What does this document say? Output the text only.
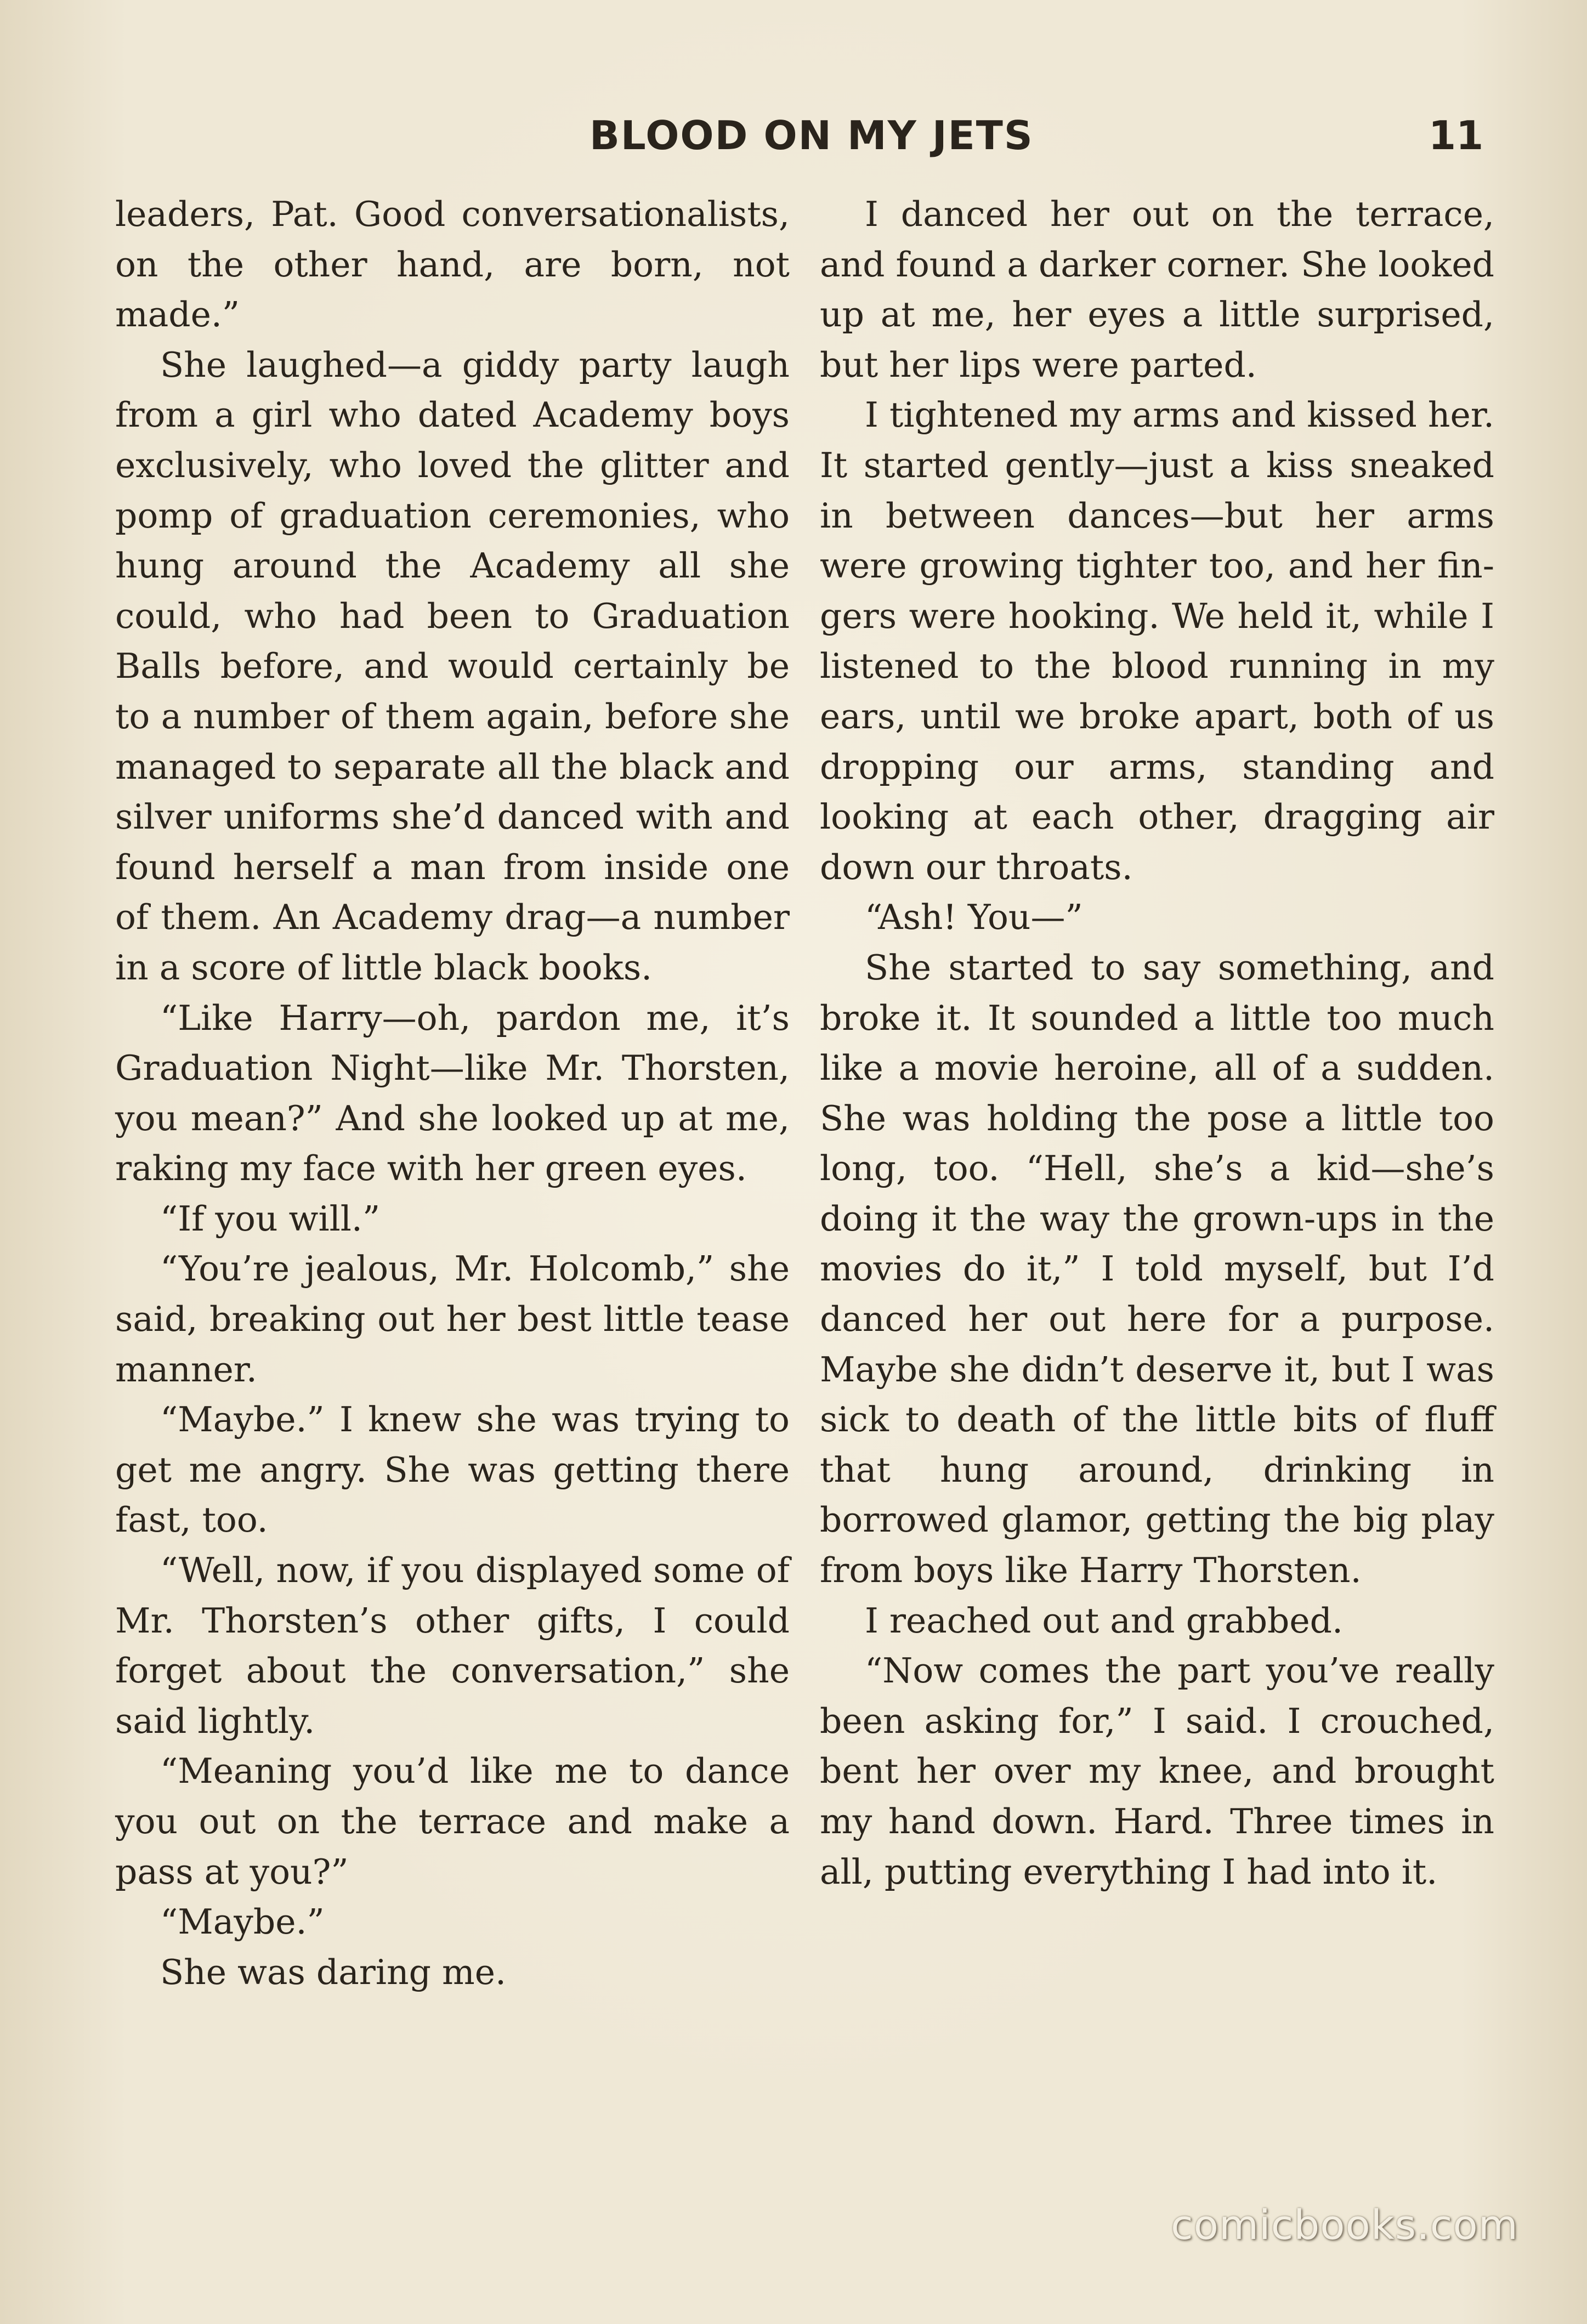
BLOOD ON MY JETS	11

leaders, Pat. Good conversationalists, on the other hand, are born, not made.”

She laughed—a giddy party laugh from a girl who dated Academy boys exclusively, who loved the glitter and pomp of graduation ceremonies, who hung around the Academy all she could, who had been to Graduation Balls before, and would certainly be to a number of them again, before she managed to separate all the black and silver uniforms she’d danced with and found herself a man from inside one of them. An Academy drag—a number in a score of little black books.

“Like Harry—oh, pardon me, it’s Graduation Night—like Mr. Thorsten, you mean?” And she looked up at me, raking my face with her green eyes.

“If you will.”

“You’re jealous, Mr. Holcomb,” she said, breaking out her best little tease manner.

“Maybe.” I knew she was trying to get me angry. She was getting there fast, too.

“Well, now, if you displayed some of Mr. Thorsten’s other gifts, I could forget about the conversation,” she said lightly.

“Meaning you’d like me to dance you out on the terrace and make a pass at you?”

“Maybe.”

She was daring me.

I danced her out on the terrace, and found a darker corner. She looked up at me, her eyes a little surprised, but her lips were parted.

I tightened my arms and kissed her. It started gently—just a kiss sneaked in between dances—but her arms were growing tighter too, and her fingers were hooking. We held it, while I listened to the blood running in my ears, until we broke apart, both of us dropping our arms, standing and looking at each other, dragging air down our throats.

“Ash! You—”

She started to say something, and broke it. It sounded a little too much like a movie heroine, all of a sudden. She was holding the pose a little too long, too. “Hell, she’s a kid—she’s doing it the way the grown-ups in the movies do it,” I told myself, but I’d danced her out here for a purpose. Maybe she didn’t deserve it, but I was sick to death of the little bits of fluff that hung around, drinking in borrowed glamor, getting the big play from boys like Harry Thorsten.

I reached out and grabbed.

“Now comes the part you’ve really been asking for,” I said. I crouched, bent her over my knee, and brought my hand down. Hard. Three times in all, putting everything I had into it.

comicbooks.com
